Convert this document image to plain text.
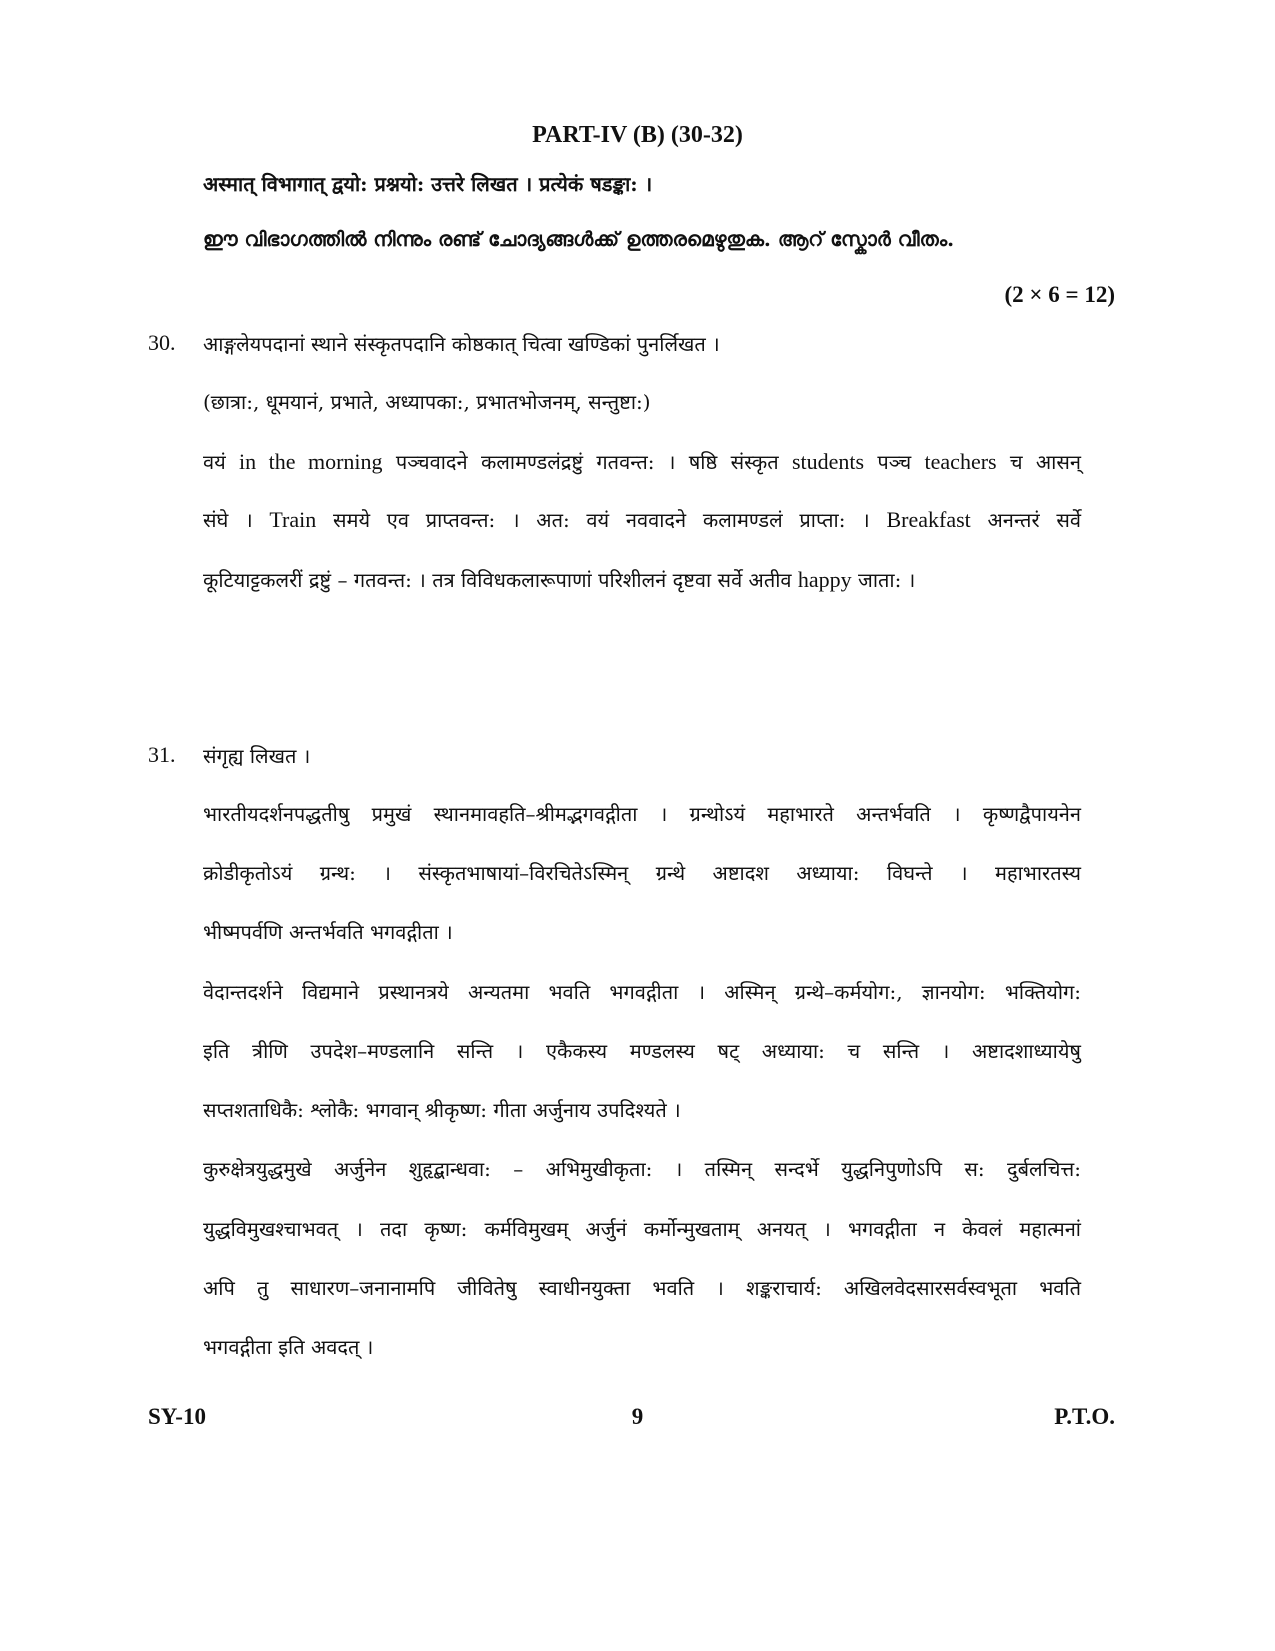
PART-IV (B) (30-32)
अस्मात् विभागात् द्वयो: प्रश्नयो: उत्तरे लिखत । प्रत्येकं षडङ्का: ।
ഈ വിഭാഗത്തിൽ നിന്നും രണ്ട് ചോദ്യങ്ങൾക്ക് ഉത്തരമെഴുതുക. ആറ് സ്കോർ വീതം.
(2 × 6 = 12)
30. आङ्गलेयपदानां स्थाने संस्कृतपदानि कोष्ठकात् चित्वा खण्डिकां पुनर्लिखत ।
(छात्रा:, धूमयानं, प्रभाते, अध्यापका:, प्रभातभोजनम्, सन्तुष्टा:)
वयं in the morning पञ्चवादने कलामण्डलंद्रष्टुं गतवन्त: । षष्ठि संस्कृत students पञ्च teachers च आसन्
संघे । Train समये एव प्राप्तवन्त: । अत: वयं नववादने कलामण्डलं प्राप्ता: । Breakfast अनन्तरं सर्वे
कूटियाट्टकलरीं द्रष्टुं – गतवन्त: । तत्र विविधकलारूपाणां परिशीलनं दृष्टवा सर्वे अतीव happy जाता: ।
31. संगृह्य लिखत ।
भारतीयदर्शनपद्धतीषु प्रमुखं स्थानमावहति–श्रीमद्भगवद्गीता । ग्रन्थोऽयं महाभारते अन्तर्भवति । कृष्णद्वैपायनेन
क्रोडीकृतोऽयं ग्रन्थ: । संस्कृतभाषायां–विरचितेऽस्मिन् ग्रन्थे अष्टादश अध्याया: विघन्ते । महाभारतस्य
भीष्मपर्वणि अन्तर्भवति भगवद्गीता ।
वेदान्तदर्शने विद्यमाने प्रस्थानत्रये अन्यतमा भवति भगवद्गीता । अस्मिन् ग्रन्थे–कर्मयोग:, ज्ञानयोग: भक्तियोग:
इति त्रीणि उपदेश–मण्डलानि सन्ति । एकैकस्य मण्डलस्य षट् अध्याया: च सन्ति । अष्टादशाध्यायेषु
सप्तशताधिकै: श्लोकै: भगवान् श्रीकृष्ण: गीता अर्जुनाय उपदिश्यते ।
कुरुक्षेत्रयुद्धमुखे अर्जुनेन शुहृद्बान्धवा: – अभिमुखीकृता: । तस्मिन् सन्दर्भे युद्धनिपुणोऽपि स: दुर्बलचित्त:
युद्धविमुखश्चाभवत् । तदा कृष्ण: कर्मविमुखम् अर्जुनं कर्मोन्मुखताम् अनयत् । भगवद्गीता न केवलं महात्मनां
अपि तु साधारण–जनानामपि जीवितेषु स्वाधीनयुक्ता भवति । शङ्कराचार्य: अखिलवेदसारसर्वस्वभूता भवति
भगवद्गीता इति अवदत् ।
SY-10	9	P.T.O.
